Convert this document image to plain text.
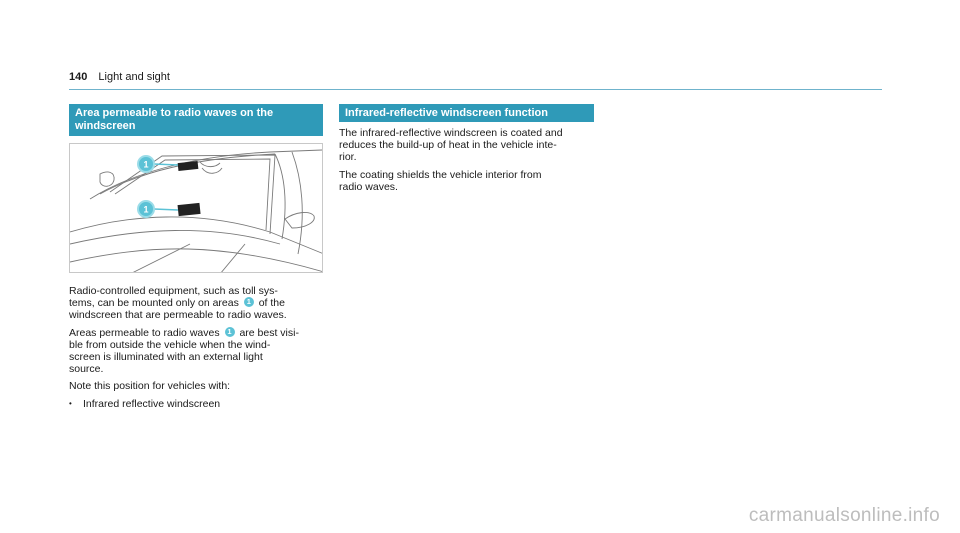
140 Light and sight
Area permeable to radio waves on the
windscreen
1
1

Radio-controlled equipment, such as toll sys-
tems, can be mounted only on areas 1 of the
windscreen that are permeable to radio waves.

Areas permeable to radio waves 1 are best visi-
ble from outside the vehicle when the wind-
screen is illuminated with an external light
source.

Note this position for vehicles with:

•	Infrared reflective windscreen
Infrared-reflective windscreen function

The infrared-reflective windscreen is coated and
reduces the build-up of heat in the vehicle inte-
rior.

The coating shields the vehicle interior from
radio waves.

carmanualsonline.info
